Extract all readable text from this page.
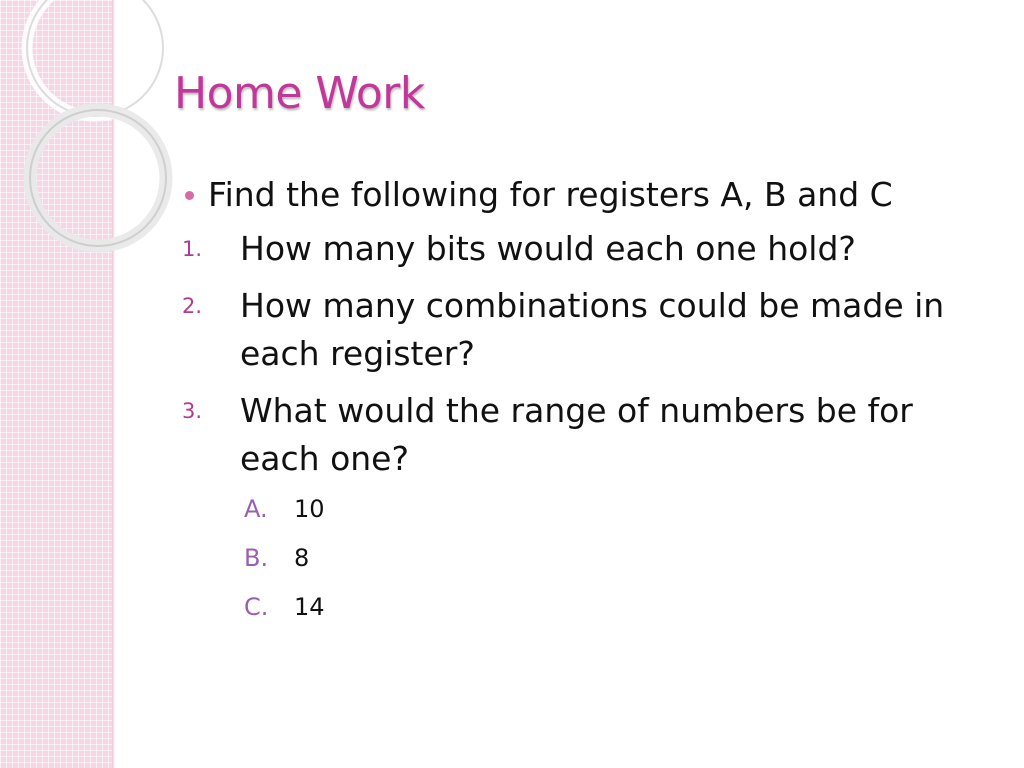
Home Work
Find the following for registers A, B and C
1.	How many bits would each one hold?
2.	How many combinations could be made in each register?
3.	What would the range of numbers be for each one?
A.	10
B.	8
C.	14
